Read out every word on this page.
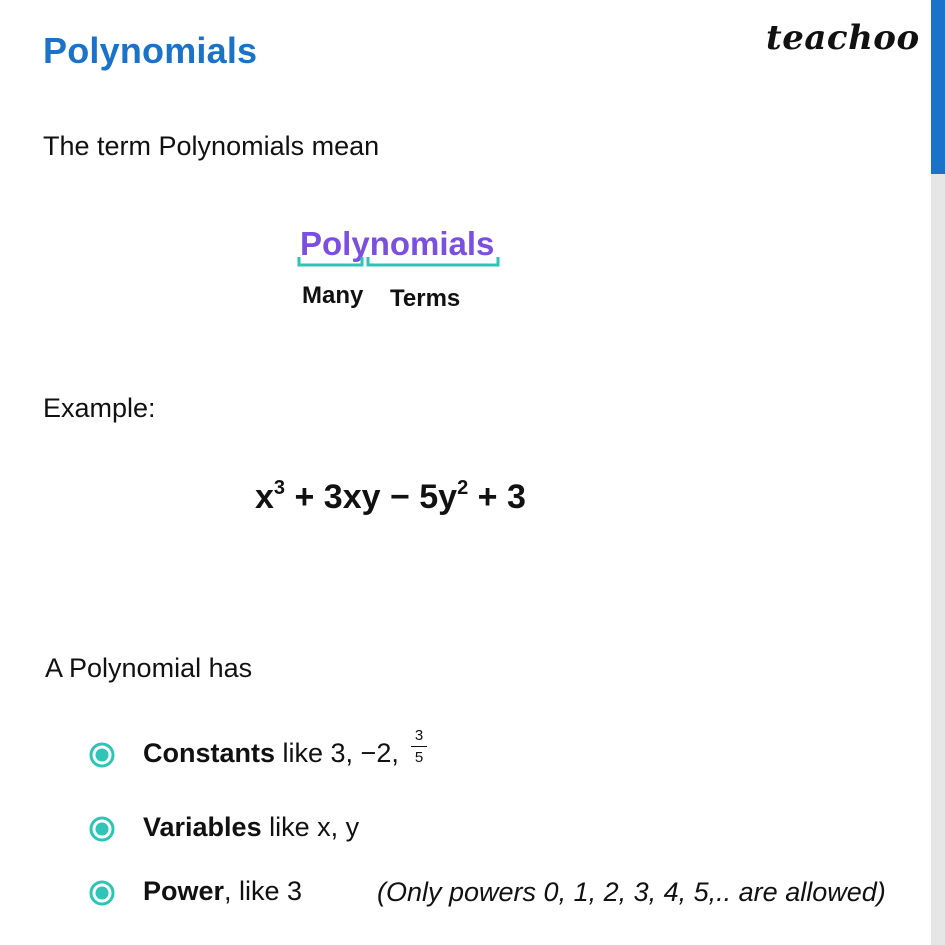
Polynomials	teachoo
The term Polynomials mean
Polynomials
Many Terms
Example:
$x^3 + 3xy - 5y^2 + 3$
A Polynomial has
Constants like 3, −2,
3
5
Variables like x, y
Power, like 3	(Only powers 0, 1, 2, 3, 4, 5,.. are allowed)
